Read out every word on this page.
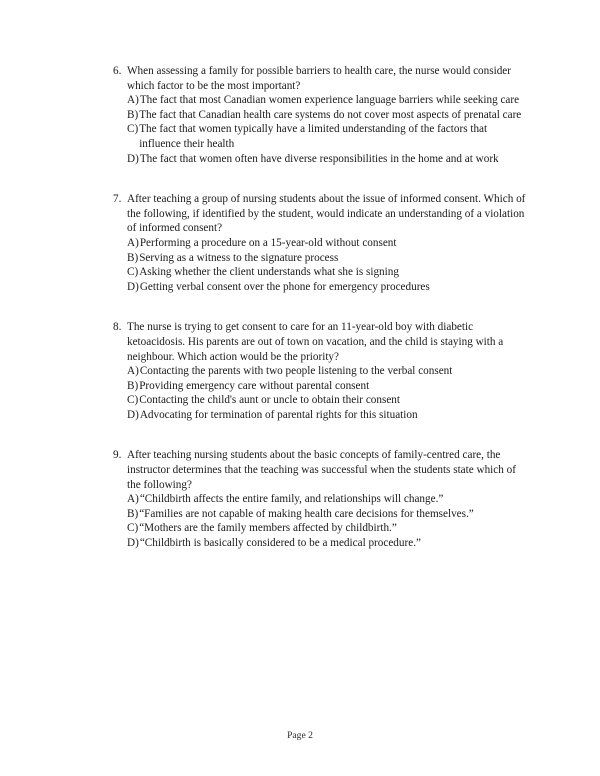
6. When assessing a family for possible barriers to health care, the nurse would consider which factor to be the most important?
A) The fact that most Canadian women experience language barriers while seeking care
B) The fact that Canadian health care systems do not cover most aspects of prenatal care
C) The fact that women typically have a limited understanding of the factors that influence their health
D) The fact that women often have diverse responsibilities in the home and at work
7. After teaching a group of nursing students about the issue of informed consent. Which of the following, if identified by the student, would indicate an understanding of a violation of informed consent?
A) Performing a procedure on a 15-year-old without consent
B) Serving as a witness to the signature process
C) Asking whether the client understands what she is signing
D) Getting verbal consent over the phone for emergency procedures
8. The nurse is trying to get consent to care for an 11-year-old boy with diabetic ketoacidosis. His parents are out of town on vacation, and the child is staying with a neighbour. Which action would be the priority?
A) Contacting the parents with two people listening to the verbal consent
B) Providing emergency care without parental consent
C) Contacting the child's aunt or uncle to obtain their consent
D) Advocating for termination of parental rights for this situation
9. After teaching nursing students about the basic concepts of family-centred care, the instructor determines that the teaching was successful when the students state which of the following?
A) “Childbirth affects the entire family, and relationships will change.”
B) “Families are not capable of making health care decisions for themselves.”
C) “Mothers are the family members affected by childbirth.”
D) “Childbirth is basically considered to be a medical procedure.”
Page 2
